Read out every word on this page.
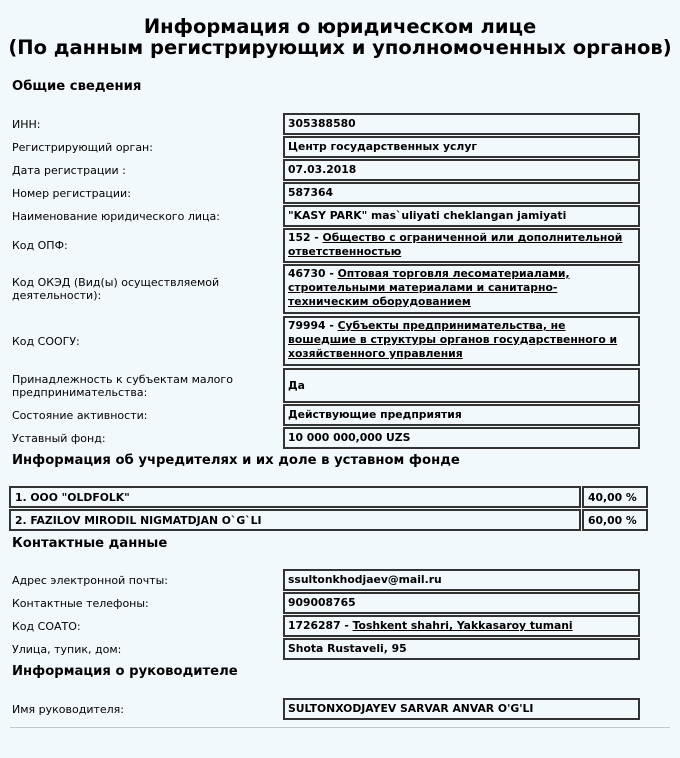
Информация о юридическом лице
(По данным регистрирующих и уполномоченных органов)
Общие сведения
ИНН:	305388580
Регистрирующий орган:	Центр государственных услуг
Дата регистрации :	07.03.2018
Номер регистрации:	587364
Наименование юридического лица:	"KASY PARK" mas`uliyati cheklangan jamiyati
Код ОПФ:
152 - Общество с ограниченной или дополнительной ответственностью
Код ОКЭД (Вид(ы) осуществляемой деятельности):
46730 - Оптовая торговля лесоматериалами, строительными материалами и санитарно-техническим оборудованием
Код СООГУ:
79994 - Субъекты предпринимательства, не вошедшие в структуры органов государственного и хозяйственного управления
Принадлежность к субъектам малого предпринимательства:
Да
Состояние активности:	Действующие предприятия
Уставный фонд:	10 000 000,000 UZS
Информация об учредителях и их доле в уставном фонде
1. ООО "OLDFOLK"	40,00 %
2. FAZILOV MIRODIL NIGMATDJAN O`G`LI	60,00 %
Контактные данные
Адрес электронной почты:	ssultonkhodjaev@mail.ru
Контактные телефоны:	909008765
Код СОАТО:	1726287 - Toshkent shahri, Yakkasaroy tumani
Улица, тупик, дом:	Shota Rustaveli, 95
Информация о руководителе
Имя руководителя:	SULTONXODJAYEV SARVAR ANVAR O'G'LI
